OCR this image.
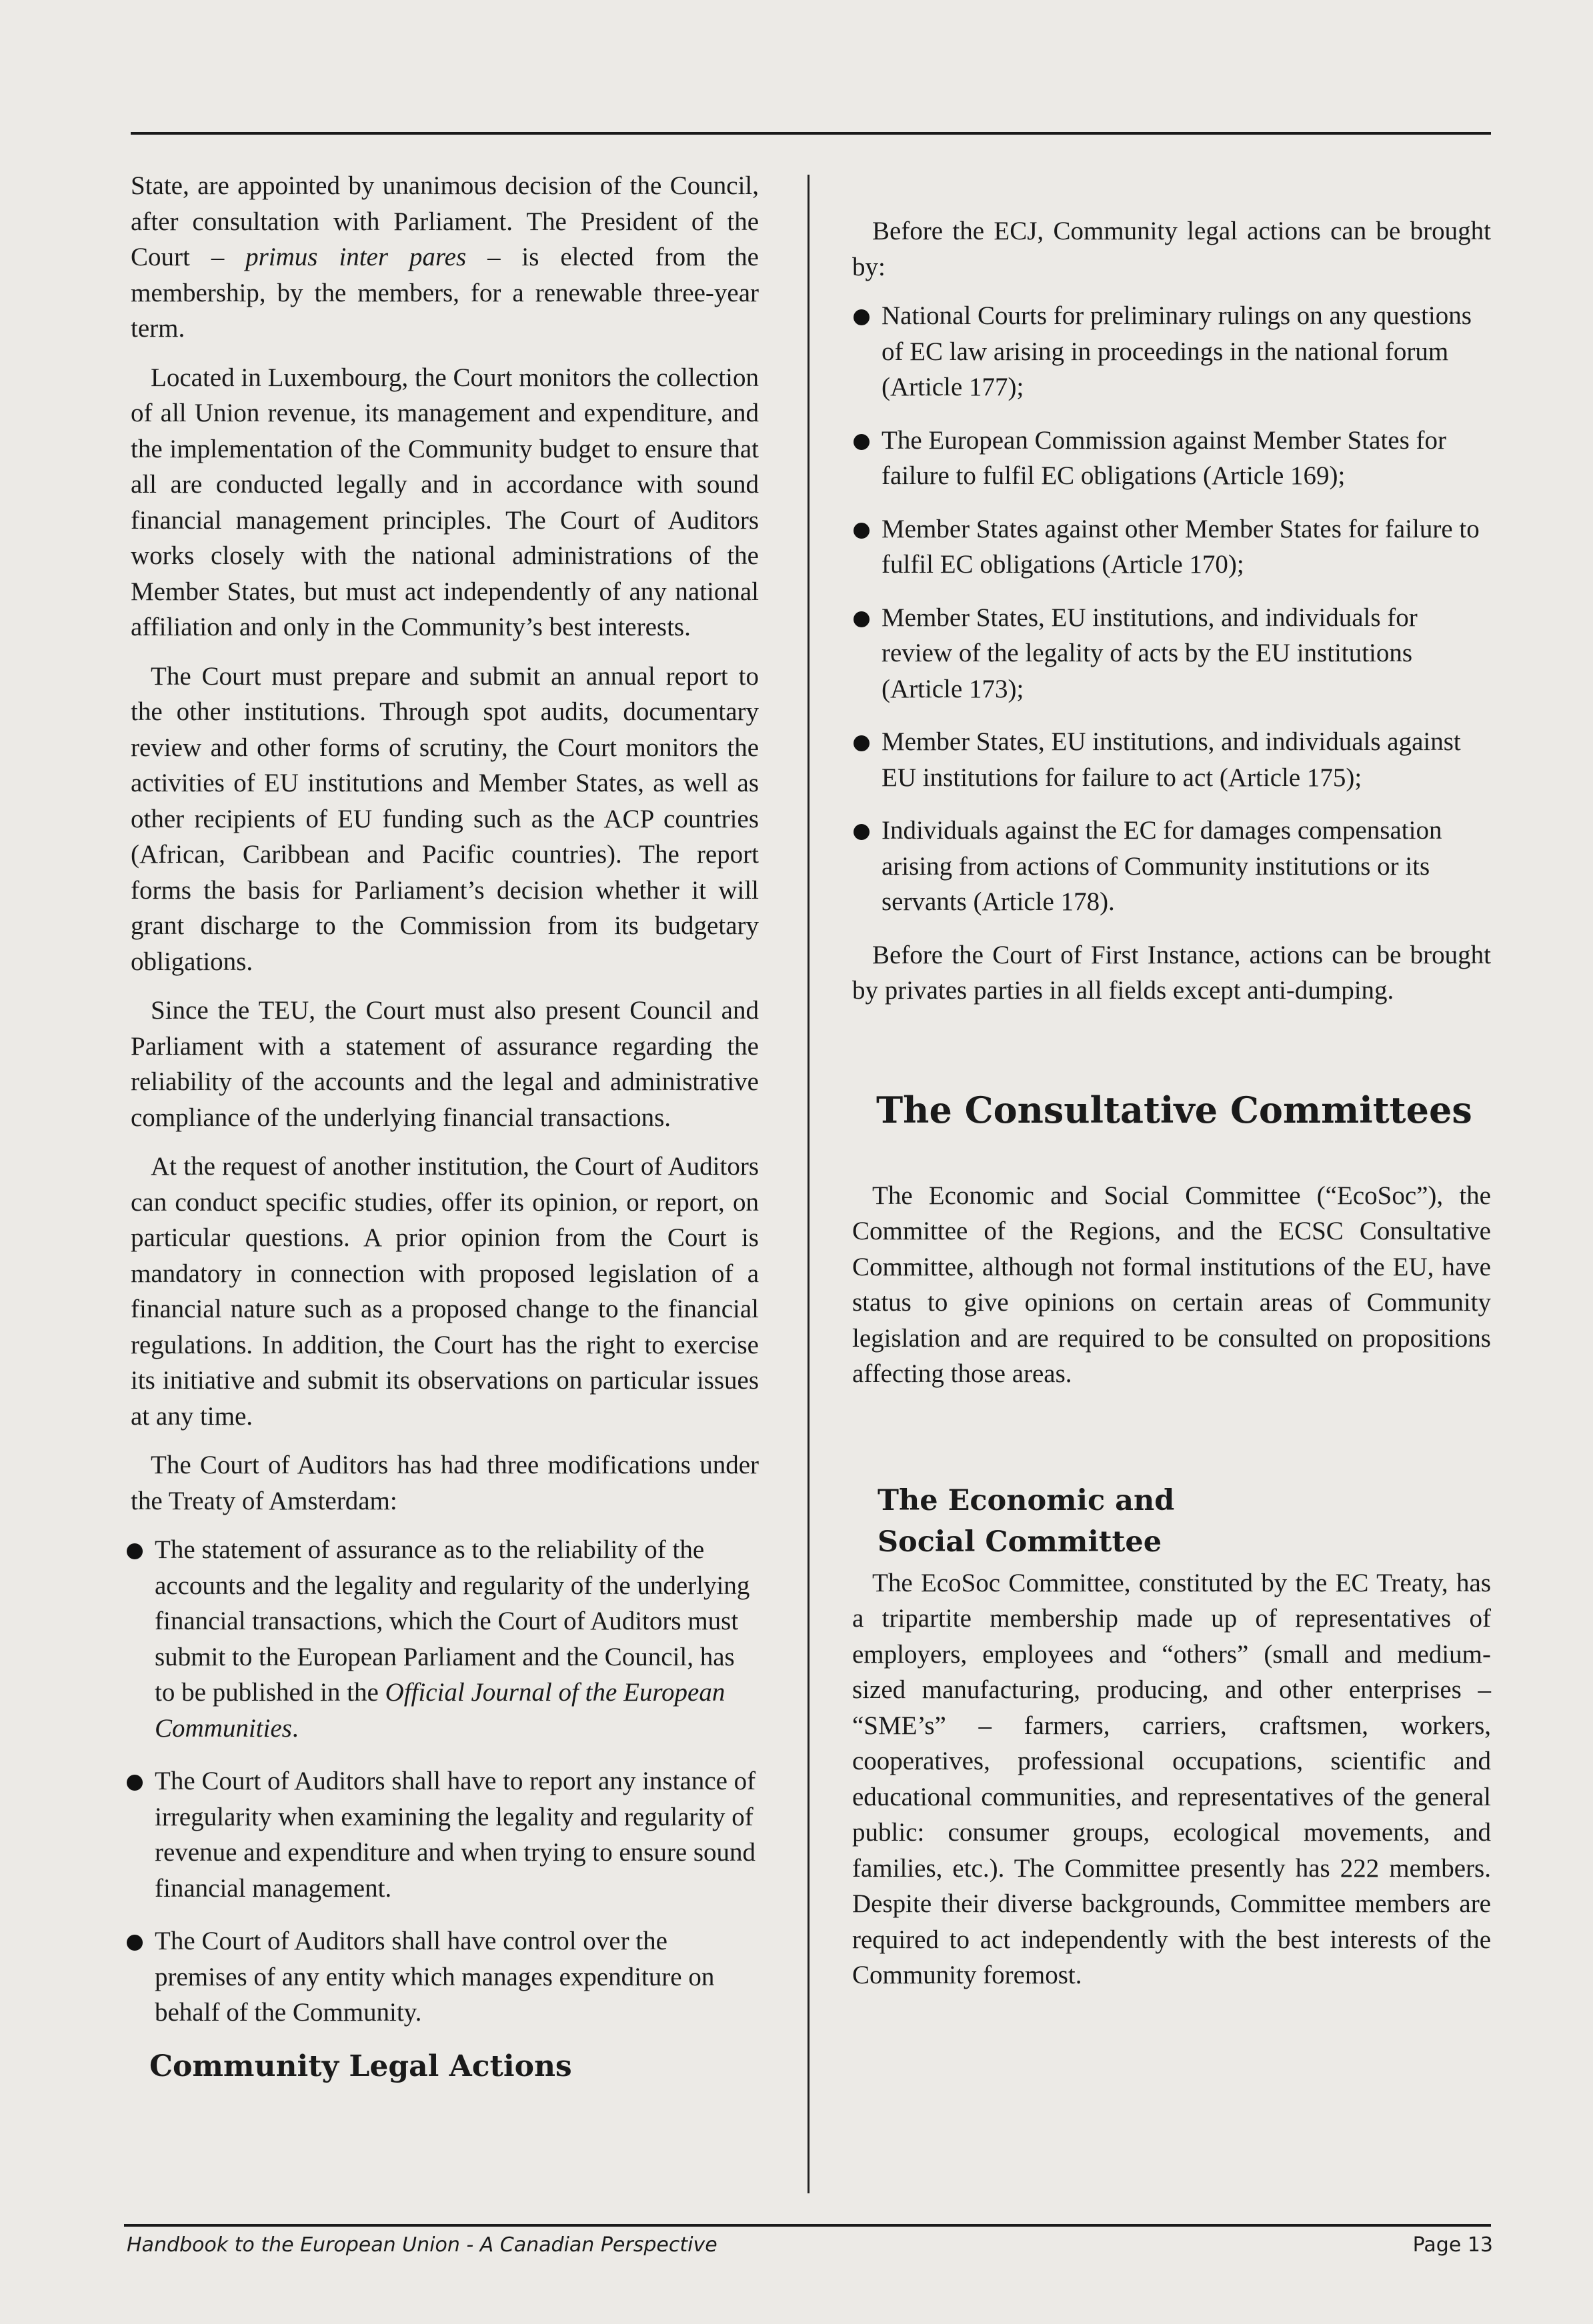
State, are appointed by unanimous decision of the Council, after consultation with Parliament. The President of the Court – primus inter pares – is elected from the membership, by the members, for a renewable three-year term.

Located in Luxembourg, the Court monitors the collection of all Union revenue, its management and expenditure, and the implementation of the Community budget to ensure that all are conducted legally and in accordance with sound financial management principles. The Court of Auditors works closely with the national administrations of the Member States, but must act independently of any national affiliation and only in the Community’s best interests.

The Court must prepare and submit an annual report to the other institutions. Through spot audits, documentary review and other forms of scrutiny, the Court monitors the activities of EU institutions and Member States, as well as other recipients of EU funding such as the ACP countries (African, Caribbean and Pacific countries). The report forms the basis for Parliament’s decision whether it will grant discharge to the Commission from its budgetary obligations.

Since the TEU, the Court must also present Council and Parliament with a statement of assurance regarding the reliability of the accounts and the legal and administrative compliance of the underlying financial transactions.

At the request of another institution, the Court of Auditors can conduct specific studies, offer its opinion, or report, on particular questions. A prior opinion from the Court is mandatory in connection with proposed legislation of a financial nature such as a proposed change to the financial regulations. In addition, the Court has the right to exercise its initiative and submit its observations on particular issues at any time.

The Court of Auditors has had three modifications under the Treaty of Amsterdam:

The statement of assurance as to the reliability of the accounts and the legality and regularity of the underlying financial transactions, which the Court of Auditors must submit to the European Parliament and the Council, has to be published in the Official Journal of the European Communities.
The Court of Auditors shall have to report any instance of irregularity when examining the legality and regularity of revenue and expenditure and when trying to ensure sound financial management.
The Court of Auditors shall have control over the premises of any entity which manages expenditure on behalf of the Community.
Community Legal Actions

Before the ECJ, Community legal actions can be brought by:

National Courts for preliminary rulings on any questions of EC law arising in proceedings in the national forum (Article 177);
The European Commission against Member States for failure to fulfil EC obligations (Article 169);
Member States against other Member States for failure to fulfil EC obligations (Article 170);
Member States, EU institutions, and individuals for review of the legality of acts by the EU institutions (Article 173);
Member States, EU institutions, and individuals against EU institutions for failure to act (Article 175);
Individuals against the EC for damages compensation arising from actions of Community institutions or its servants (Article 178).

Before the Court of First Instance, actions can be brought by privates parties in all fields except anti-dumping.

The Consultative Committees

The Economic and Social Committee (“EcoSoc”), the Committee of the Regions, and the ECSC Consultative Committee, although not formal institutions of the EU, have status to give opinions on certain areas of Community legislation and are required to be consulted on propositions affecting those areas.

The Economic and Social Committee

The EcoSoc Committee, constituted by the EC Treaty, has a tripartite membership made up of representatives of employers, employees and “others” (small and medium-sized manufacturing, producing, and other enterprises – “SME’s” – farmers, carriers, craftsmen, workers, cooperatives, professional occupations, scientific and educational communities, and representatives of the general public: consumer groups, ecological movements, and families, etc.). The Committee presently has 222 members. Despite their diverse backgrounds, Committee members are required to act independently with the best interests of the Community foremost.

Handbook to the European Union - A Canadian Perspective	Page 13
